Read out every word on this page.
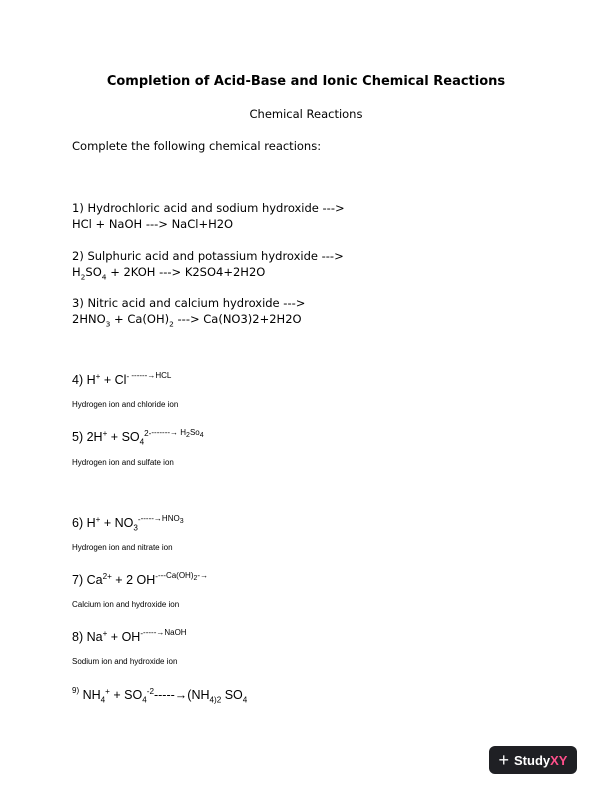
Completion of Acid-Base and Ionic Chemical Reactions
Chemical Reactions
Complete the following chemical reactions:
1) Hydrochloric acid and sodium hydroxide --->
HCl + NaOH ---> NaCl+H2O
2) Sulphuric acid and potassium hydroxide --->
$H_2SO_4 + 2KOH$ ---> K2SO4+2H2O
3) Nitric acid and calcium hydroxide --->
$2HNO_3 + Ca(OH)_2$ ---> Ca(NO3)2+2H2O
4) H+ + Cl- $^{------\to HCL}$
Hydrogen ion and chloride ion
5) $2H^+ + SO_4^{2--------\to H2So4}$
Hydrogen ion and sulfate ion
6) $H^+ + NO_3^{------\to HNO3}$
Hydrogen ion and nitrate ion
7) $Ca^{2+} + 2$ $OH^{----Ca(OH)2-\to}$
Calcium ion and hydroxide ion
8) $Na^+ + OH^{------\to NaOH}$
Sodium ion and hydroxide ion
$^{9)}$ $NH_4^+ + SO_4^{-2}-----\to(NH_{4)2}$ $SO_4$
+ Study XY
